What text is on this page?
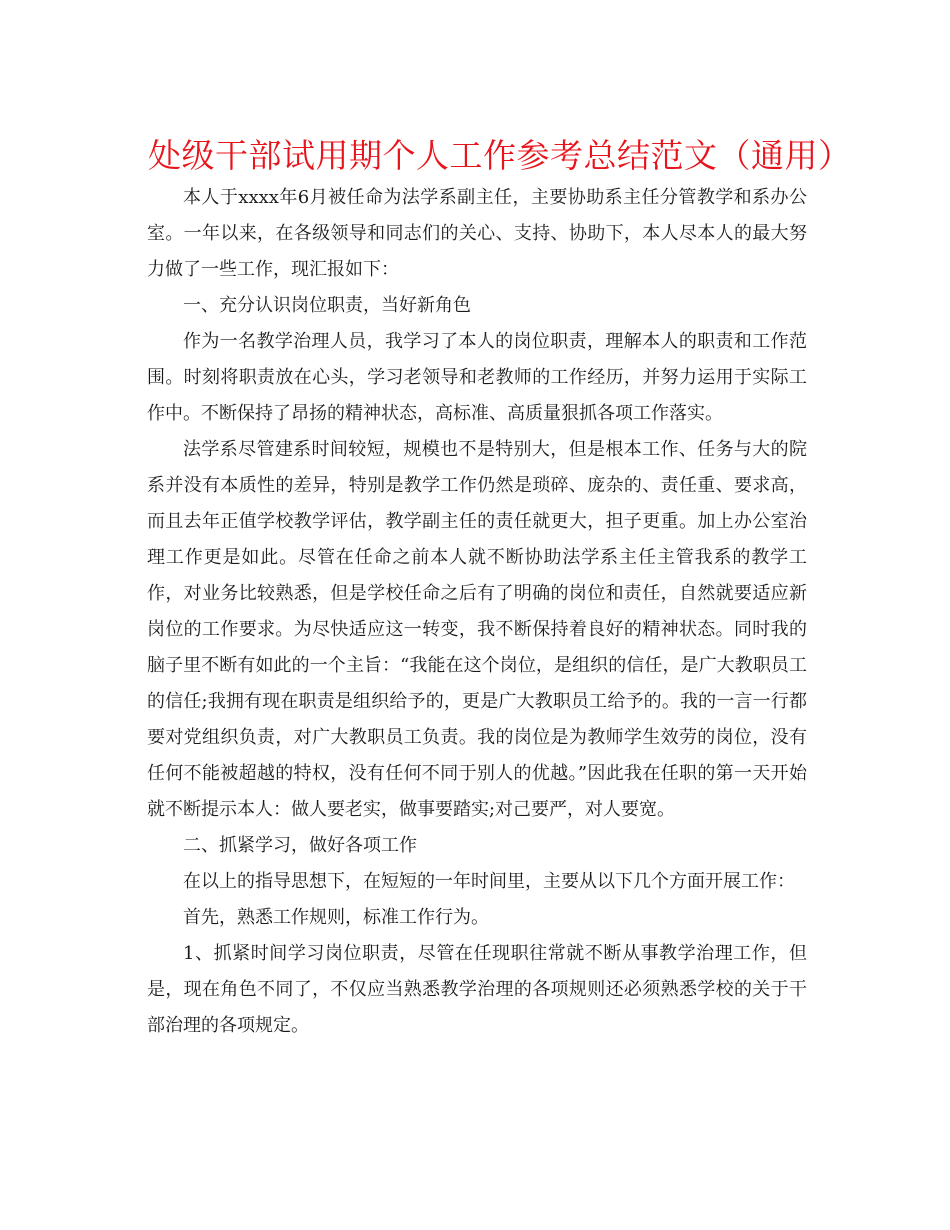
处级干部试用期个人工作参考总结范文（通用）

本人于xxxx年6月被任命为法学系副主任，主要协助系主任分管教学和系办公室。一年以来，在各级领导和同志们的关心、支持、协助下，本人尽本人的最大努力做了一些工作，现汇报如下：

一、充分认识岗位职责，当好新角色

作为一名教学治理人员，我学习了本人的岗位职责，理解本人的职责和工作范围。时刻将职责放在心头，学习老领导和老教师的工作经历，并努力运用于实际工作中。不断保持了昂扬的精神状态，高标准、高质量狠抓各项工作落实。

法学系尽管建系时间较短，规模也不是特别大，但是根本工作、任务与大的院系并没有本质性的差异，特别是教学工作仍然是琐碎、庞杂的、责任重、要求高，而且去年正值学校教学评估，教学副主任的责任就更大，担子更重。加上办公室治理工作更是如此。尽管在任命之前本人就不断协助法学系主任主管我系的教学工作，对业务比较熟悉，但是学校任命之后有了明确的岗位和责任，自然就要适应新岗位的工作要求。为尽快适应这一转变，我不断保持着良好的精神状态。同时我的脑子里不断有如此的一个主旨：“我能在这个岗位，是组织的信任，是广大教职员工的信任;我拥有现在职责是组织给予的，更是广大教职员工给予的。我的一言一行都要对党组织负责，对广大教职员工负责。我的岗位是为教师学生效劳的岗位，没有任何不能被超越的特权，没有任何不同于别人的优越。”因此我在任职的第一天开始就不断提示本人：做人要老实，做事要踏实;对己要严，对人要宽。

二、抓紧学习，做好各项工作

在以上的指导思想下，在短短的一年时间里，主要从以下几个方面开展工作：

首先，熟悉工作规则，标准工作行为。

1、抓紧时间学习岗位职责，尽管在任现职往常就不断从事教学治理工作，但是，现在角色不同了，不仅应当熟悉教学治理的各项规则还必须熟悉学校的关于干部治理的各项规定。
